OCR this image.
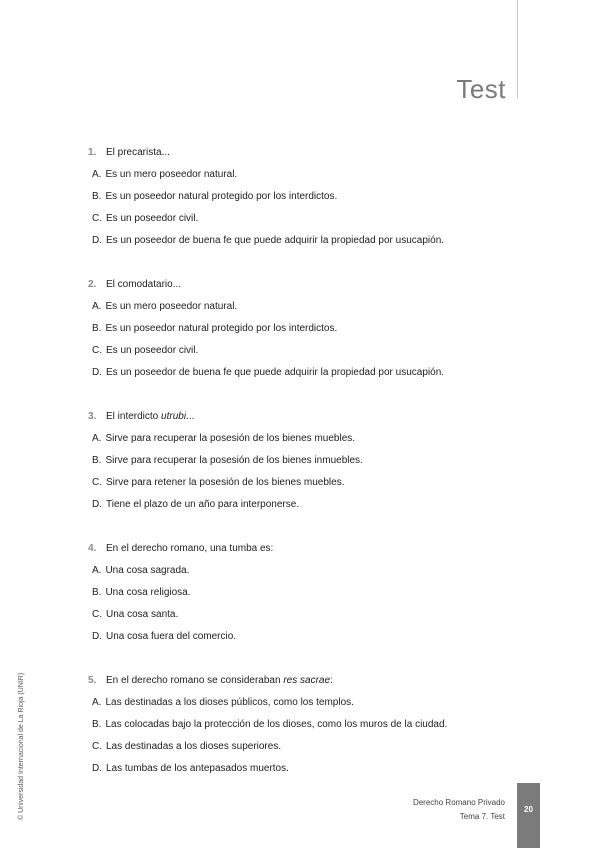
Test
1. El precarista...
A. Es un mero poseedor natural.
B. Es un poseedor natural protegido por los interdictos.
C. Es un poseedor civil.
D. Es un poseedor de buena fe que puede adquirir la propiedad por usucapión.
2. El comodatario...
A. Es un mero poseedor natural.
B. Es un poseedor natural protegido por los interdictos.
C. Es un poseedor civil.
D. Es un poseedor de buena fe que puede adquirir la propiedad por usucapión.
3. El interdicto utrubi...
A. Sirve para recuperar la posesión de los bienes muebles.
B. Sirve para recuperar la posesión de los bienes inmuebles.
C. Sirve para retener la posesión de los bienes muebles.
D. Tiene el plazo de un año para interponerse.
4. En el derecho romano, una tumba es:
A. Una cosa sagrada.
B. Una cosa religiosa.
C. Una cosa santa.
D. Una cosa fuera del comercio.
5. En el derecho romano se consideraban res sacrae:
A. Las destinadas a los dioses públicos, como los templos.
B. Las colocadas bajo la protección de los dioses, como los muros de la ciudad.
C. Las destinadas a los dioses superiores.
D. Las tumbas de los antepasados muertos.
Derecho Romano Privado
Tema 7. Test
20
© Universidad Internacional de La Rioja (UNIR)
